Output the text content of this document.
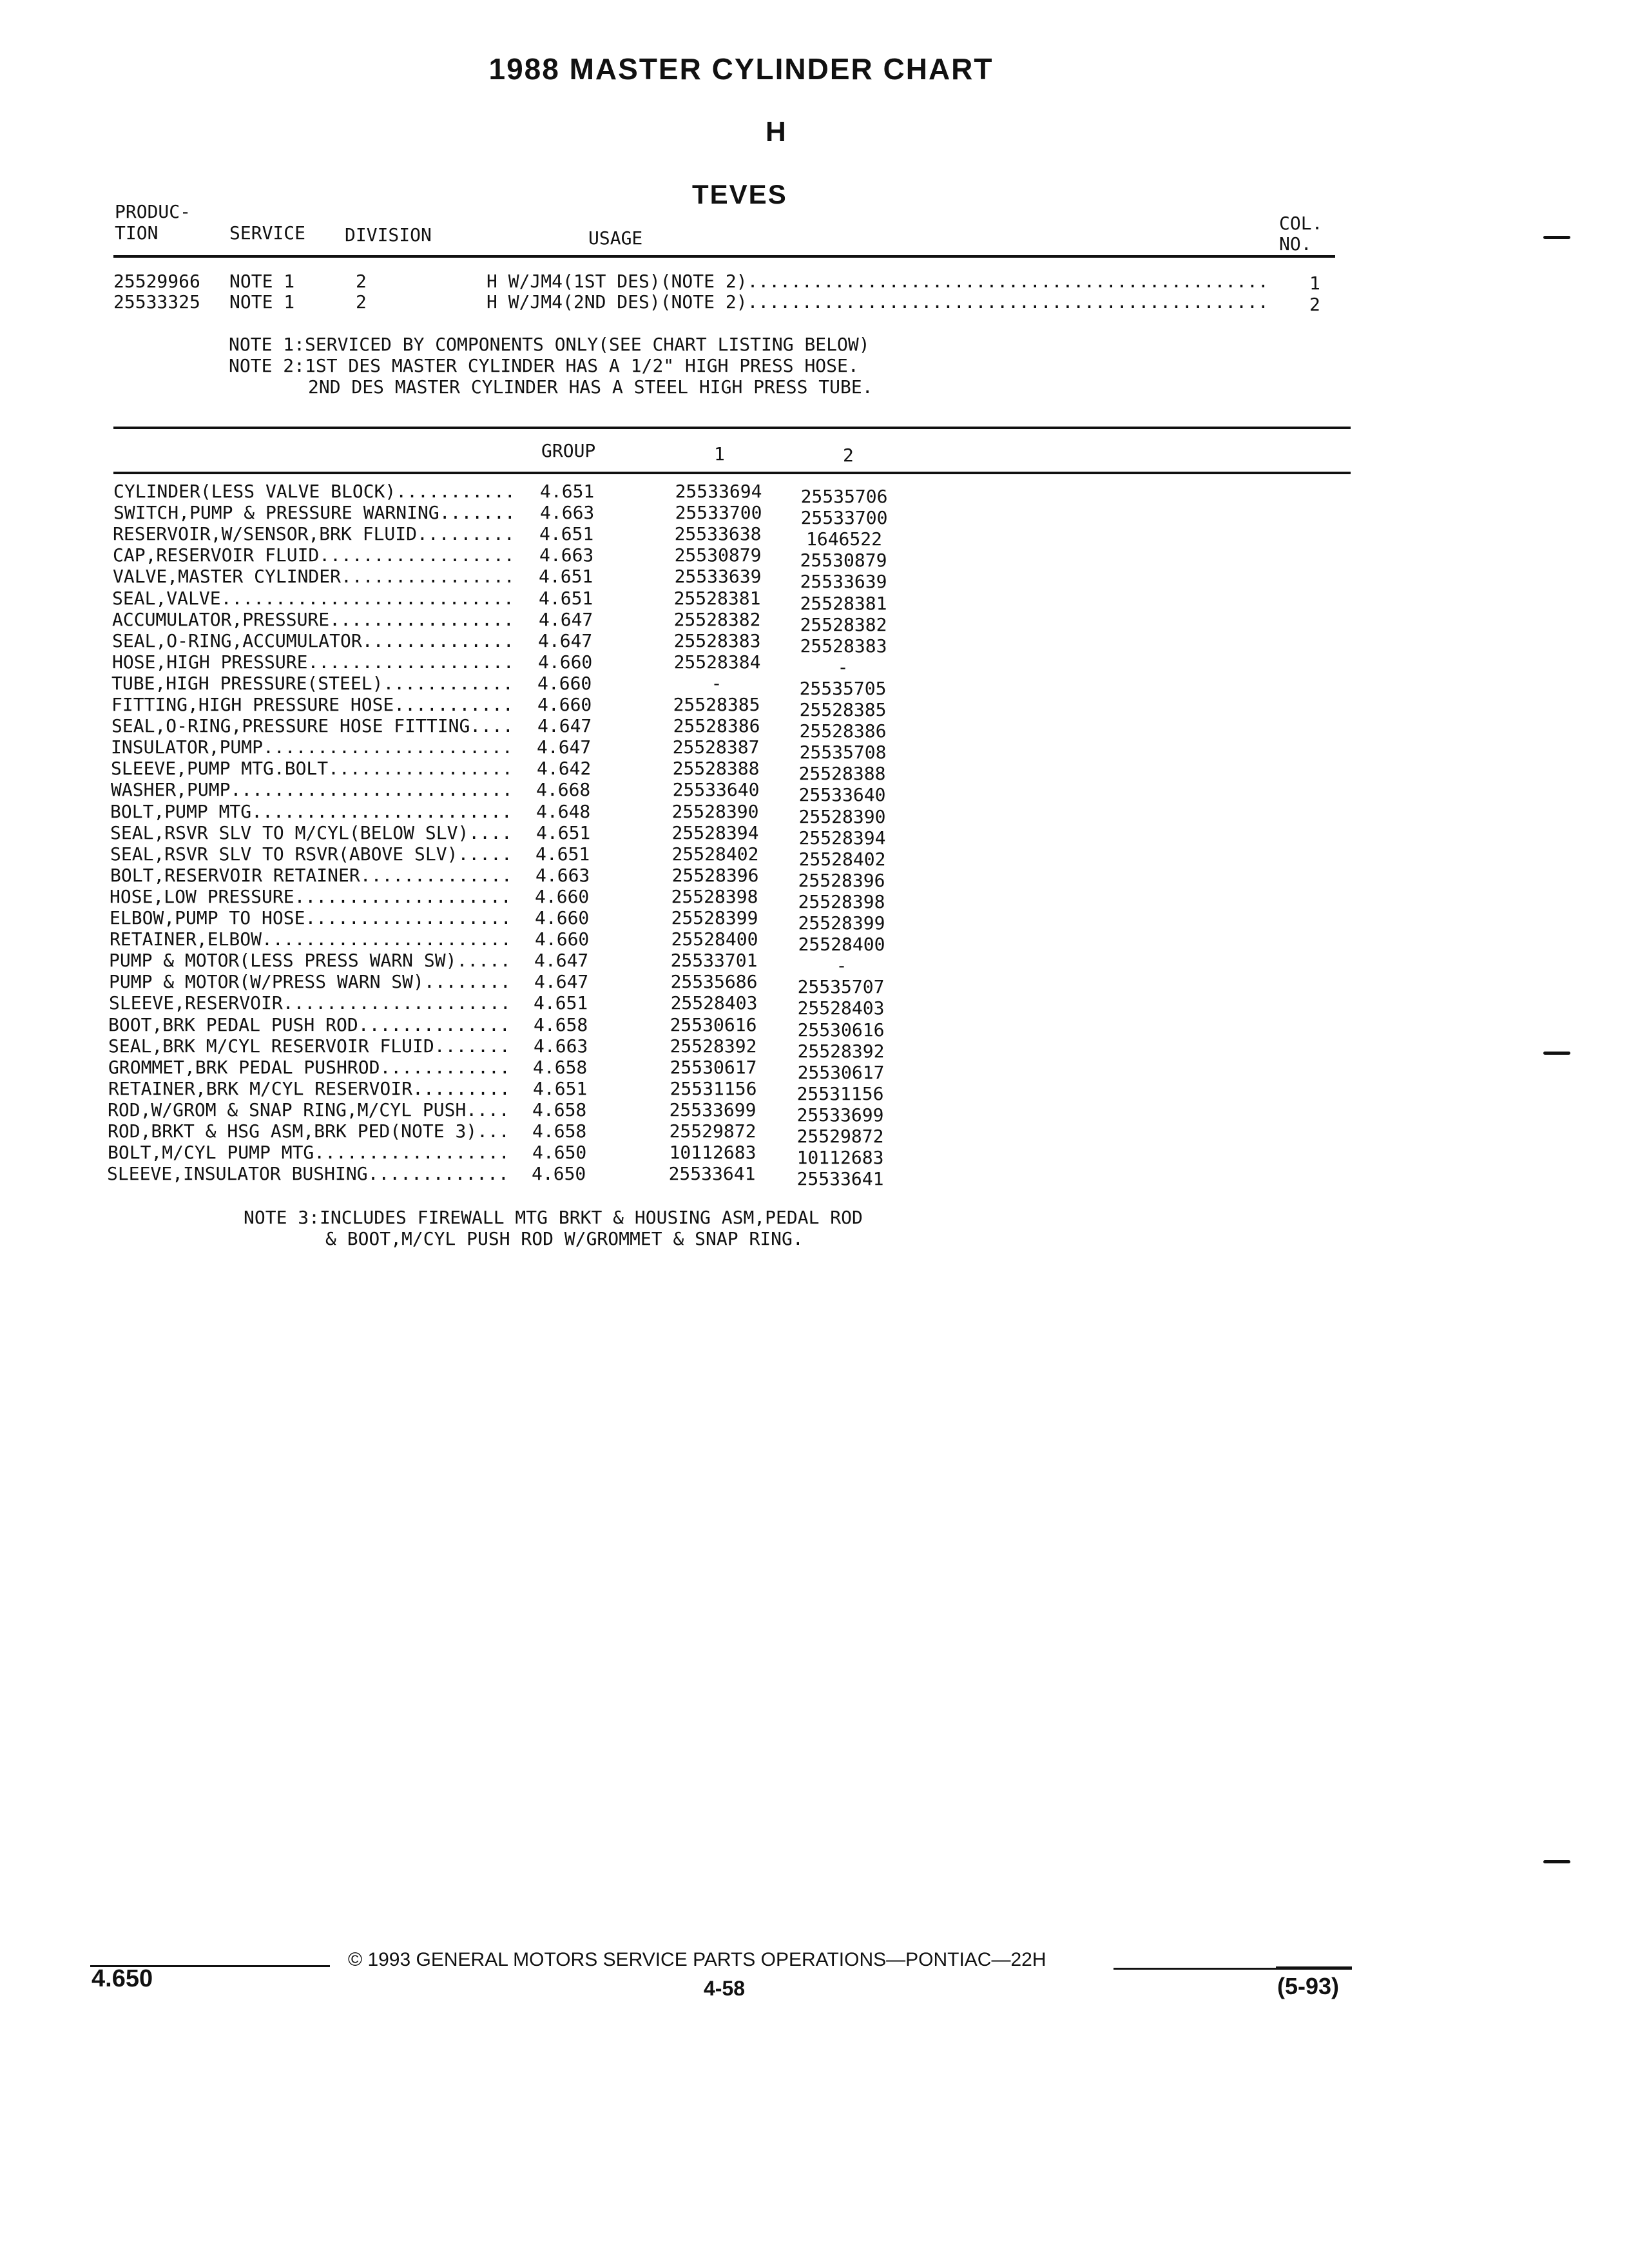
1988 MASTER CYLINDER CHART
H
TEVES
PRODUC-
TION	SERVICE DIVISION	USAGE
COL.
NO.
25529966 NOTE 1	2	H W/JM4(1ST DES)(NOTE 2)................................................ 1
25533325 NOTE 1	2	H W/JM4(2ND DES)(NOTE 2)................................................ 2
NOTE 1:SERVICED BY COMPONENTS ONLY(SEE CHART LISTING BELOW)
NOTE 2:1ST DES MASTER CYLINDER HAS A 1/2" HIGH PRESS HOSE.
2ND DES MASTER CYLINDER HAS A STEEL HIGH PRESS TUBE.
GROUP	1	2
CYLINDER(LESS VALVE BLOCK)........... 4.651	25533694 25535706
SWITCH,PUMP & PRESSURE WARNING....... 4.663	25533700 25533700
RESERVOIR,W/SENSOR,BRK FLUID......... 4.651	25533638	1646522
CAP,RESERVOIR FLUID.................. 4.663	25530879 25530879
VALVE,MASTER CYLINDER................ 4.651	25533639 25533639
SEAL,VALVE........................... 4.651	25528381 25528381
ACCUMULATOR,PRESSURE................. 4.647	25528382 25528382
SEAL,O-RING,ACCUMULATOR.............. 4.647	25528383 25528383
HOSE,HIGH PRESSURE................... 4.660	25528384	-
TUBE,HIGH PRESSURE(STEEL)............ 4.660	-	25535705
FITTING,HIGH PRESSURE HOSE........... 4.660	25528385 25528385
SEAL,O-RING,PRESSURE HOSE FITTING.... 4.647	25528386 25528386
INSULATOR,PUMP....................... 4.647	25528387 25535708
SLEEVE,PUMP MTG.BOLT................. 4.642	25528388 25528388
WASHER,PUMP.......................... 4.668	25533640 25533640
BOLT,PUMP MTG........................ 4.648	25528390 25528390
SEAL,RSVR SLV TO M/CYL(BELOW SLV).... 4.651	25528394 25528394
SEAL,RSVR SLV TO RSVR(ABOVE SLV)..... 4.651	25528402 25528402
BOLT,RESERVOIR RETAINER.............. 4.663	25528396 25528396
HOSE,LOW PRESSURE.................... 4.660	25528398 25528398
ELBOW,PUMP TO HOSE................... 4.660	25528399 25528399
RETAINER,ELBOW....................... 4.660	25528400 25528400
PUMP & MOTOR(LESS PRESS WARN SW)..... 4.647	25533701	-
PUMP & MOTOR(W/PRESS WARN SW)........ 4.647	25535686 25535707
SLEEVE,RESERVOIR..................... 4.651	25528403 25528403
BOOT,BRK PEDAL PUSH ROD.............. 4.658	25530616 25530616
SEAL,BRK M/CYL RESERVOIR FLUID....... 4.663	25528392 25528392
GROMMET,BRK PEDAL PUSHROD............ 4.658	25530617 25530617
RETAINER,BRK M/CYL RESERVOIR......... 4.651	25531156 25531156
ROD,W/GROM & SNAP RING,M/CYL PUSH.... 4.658	25533699 25533699
ROD,BRKT & HSG ASM,BRK PED(NOTE 3)... 4.658	25529872 25529872
BOLT,M/CYL PUMP MTG.................. 4.650	10112683 10112683
SLEEVE,INSULATOR BUSHING............. 4.650	25533641 25533641
NOTE 3:INCLUDES FIREWALL MTG BRKT & HOUSING ASM,PEDAL ROD
& BOOT,M/CYL PUSH ROD W/GROMMET & SNAP RING.
© 1993 GENERAL MOTORS SERVICE PARTS OPERATIONS—PONTIAC—22H
4.650	4-58	(5-93)
